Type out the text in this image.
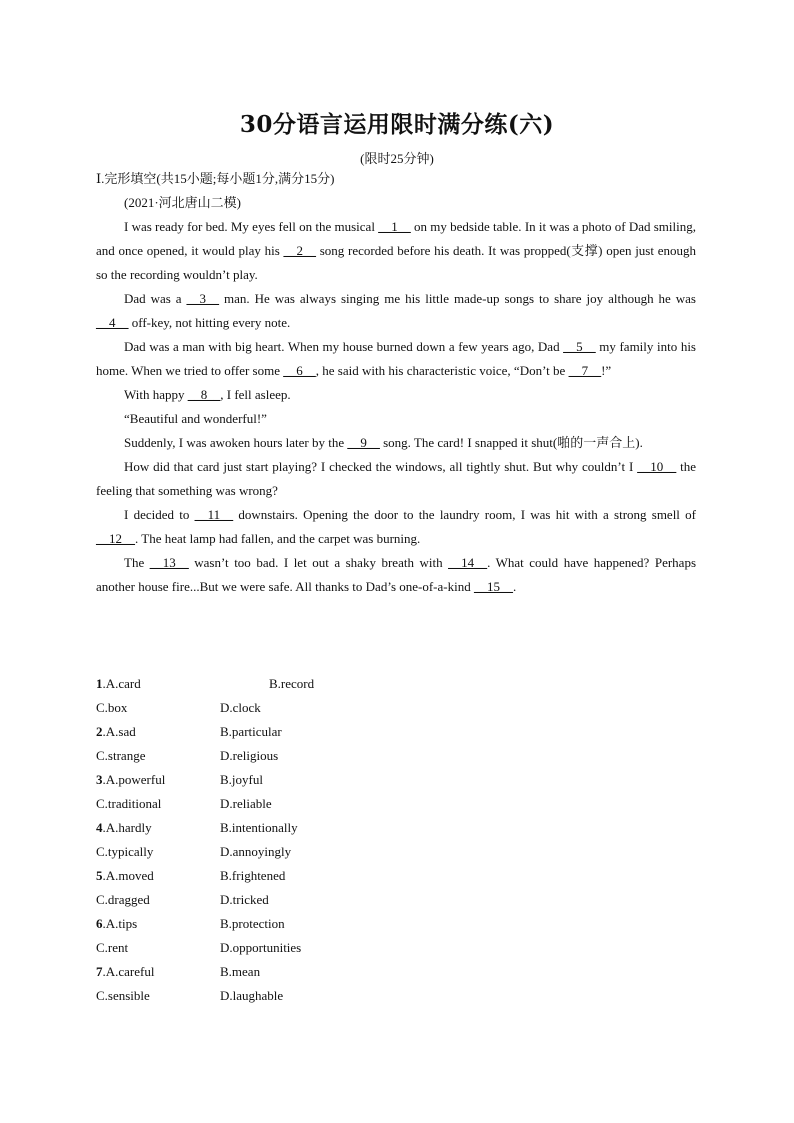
30分语言运用限时满分练(六)
(限时25分钟)
Ⅰ.完形填空(共15小题;每小题1分,满分15分)
(2021·河北唐山二模)

I was ready for bed. My eyes fell on the musical __1__ on my bedside table. In it was a photo of Dad smiling, and once opened, it would play his __2__ song recorded before his death. It was propped(支撑) open just enough so the recording wouldn’t play.

Dad was a __3__ man. He was always singing me his little made-up songs to share joy although he was __4__ off-key, not hitting every note.

Dad was a man with big heart. When my house burned down a few years ago, Dad __5__ my family into his home. When we tried to offer some __6__, he said with his characteristic voice, “Don’t be __7__!”

With happy __8__, I fell asleep.

“Beautiful and wonderful!”

Suddenly, I was awoken hours later by the __9__ song. The card! I snapped it shut(啪的一声合上).

How did that card just start playing? I checked the windows, all tightly shut. But why couldn’t I __10__ the feeling that something was wrong?

I decided to __11__ downstairs. Opening the door to the laundry room, I was hit with a strong smell of __12__. The heat lamp had fallen, and the carpet was burning.

The __13__ wasn’t too bad. I let out a shaky breath with __14__. What could have happened? Perhaps another house fire...But we were safe. All thanks to Dad’s one-of-a-kind __15__.

1.A.card	B.record
C.box	D.clock
2.A.sad	B.particular
C.strange	D.religious
3.A.powerful	B.joyful
C.traditional	D.reliable
4.A.hardly	B.intentionally
C.typically	D.annoyingly
5.A.moved	B.frightened
C.dragged	D.tricked
6.A.tips	B.protection
C.rent	D.opportunities
7.A.careful	B.mean
C.sensible	D.laughable
